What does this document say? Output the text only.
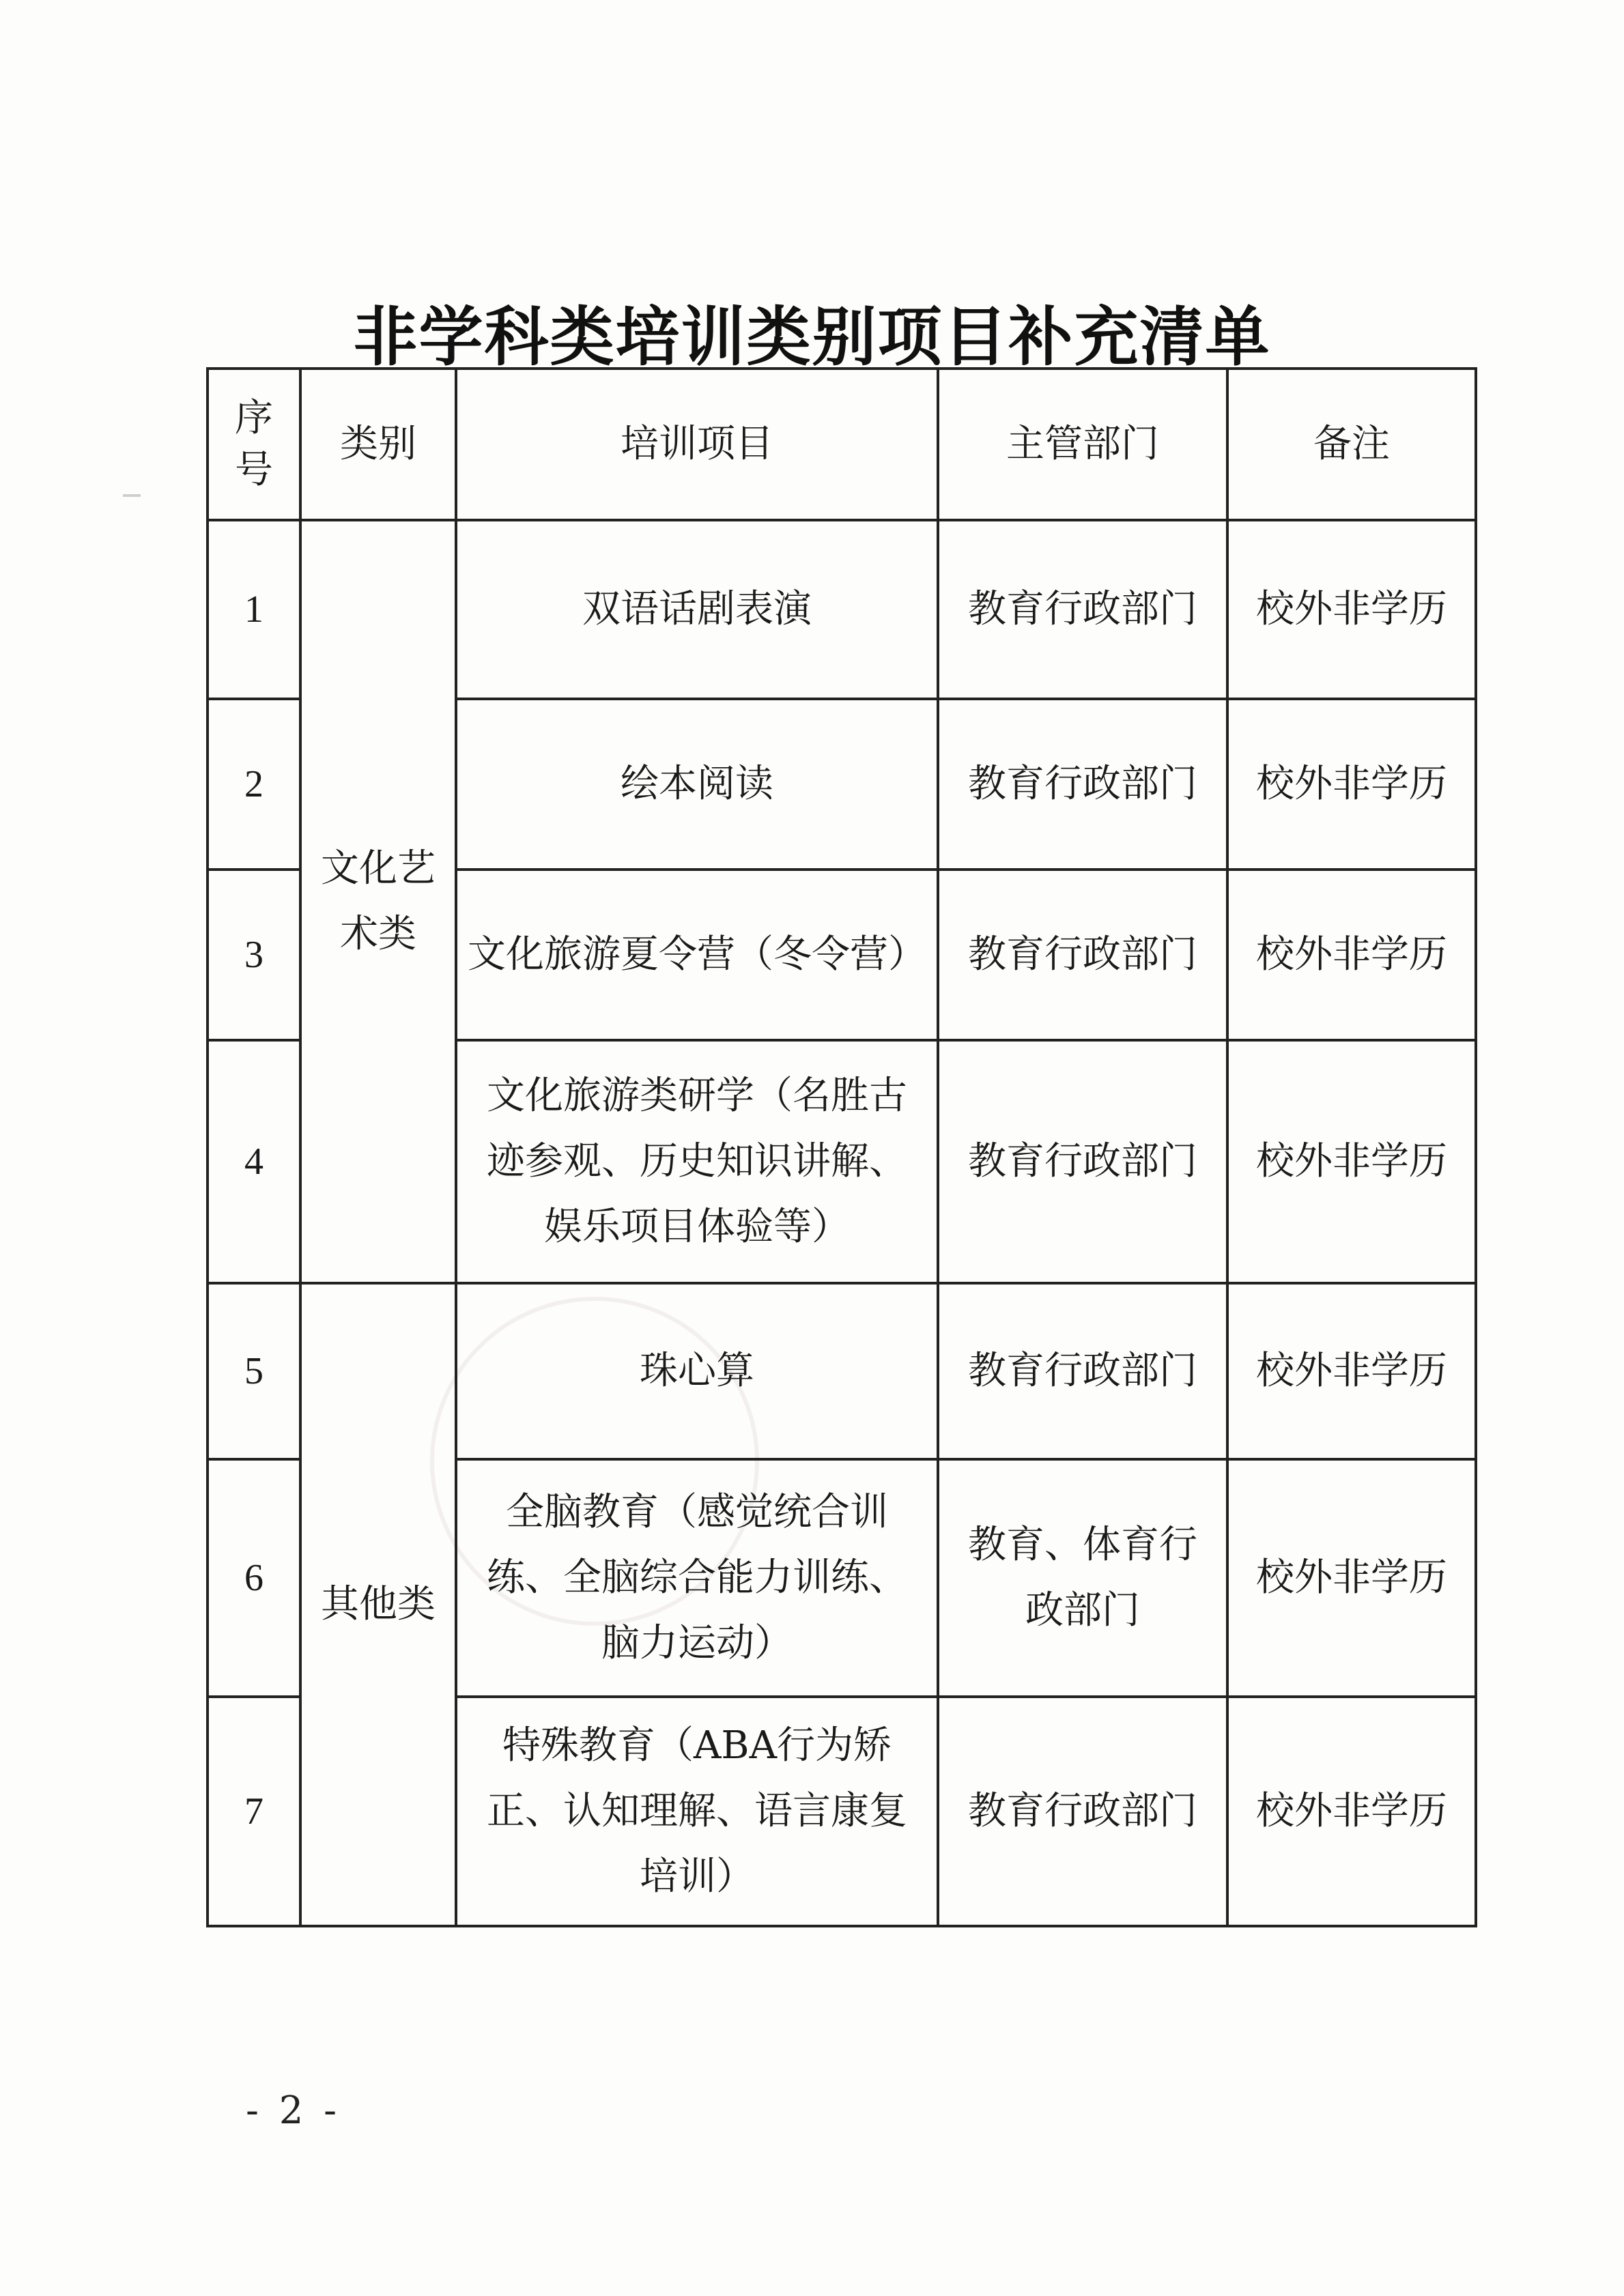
非学科类培训类别项目补充清单
序号	类别	培训项目	主管部门	备注
1	文化艺术类	双语话剧表演	教育行政部门	校外非学历
2		绘本阅读	教育行政部门	校外非学历
3		文化旅游夏令营（冬令营）	教育行政部门	校外非学历
4		文化旅游类研学（名胜古迹参观、历史知识讲解、娱乐项目体验等）	教育行政部门	校外非学历
5	其他类	珠心算	教育行政部门	校外非学历
6		全脑教育（感觉统合训练、全脑综合能力训练、脑力运动）	教育、体育行政部门	校外非学历
7		特殊教育（ABA行为矫正、认知理解、语言康复培训）	教育行政部门	校外非学历
- 2 -
